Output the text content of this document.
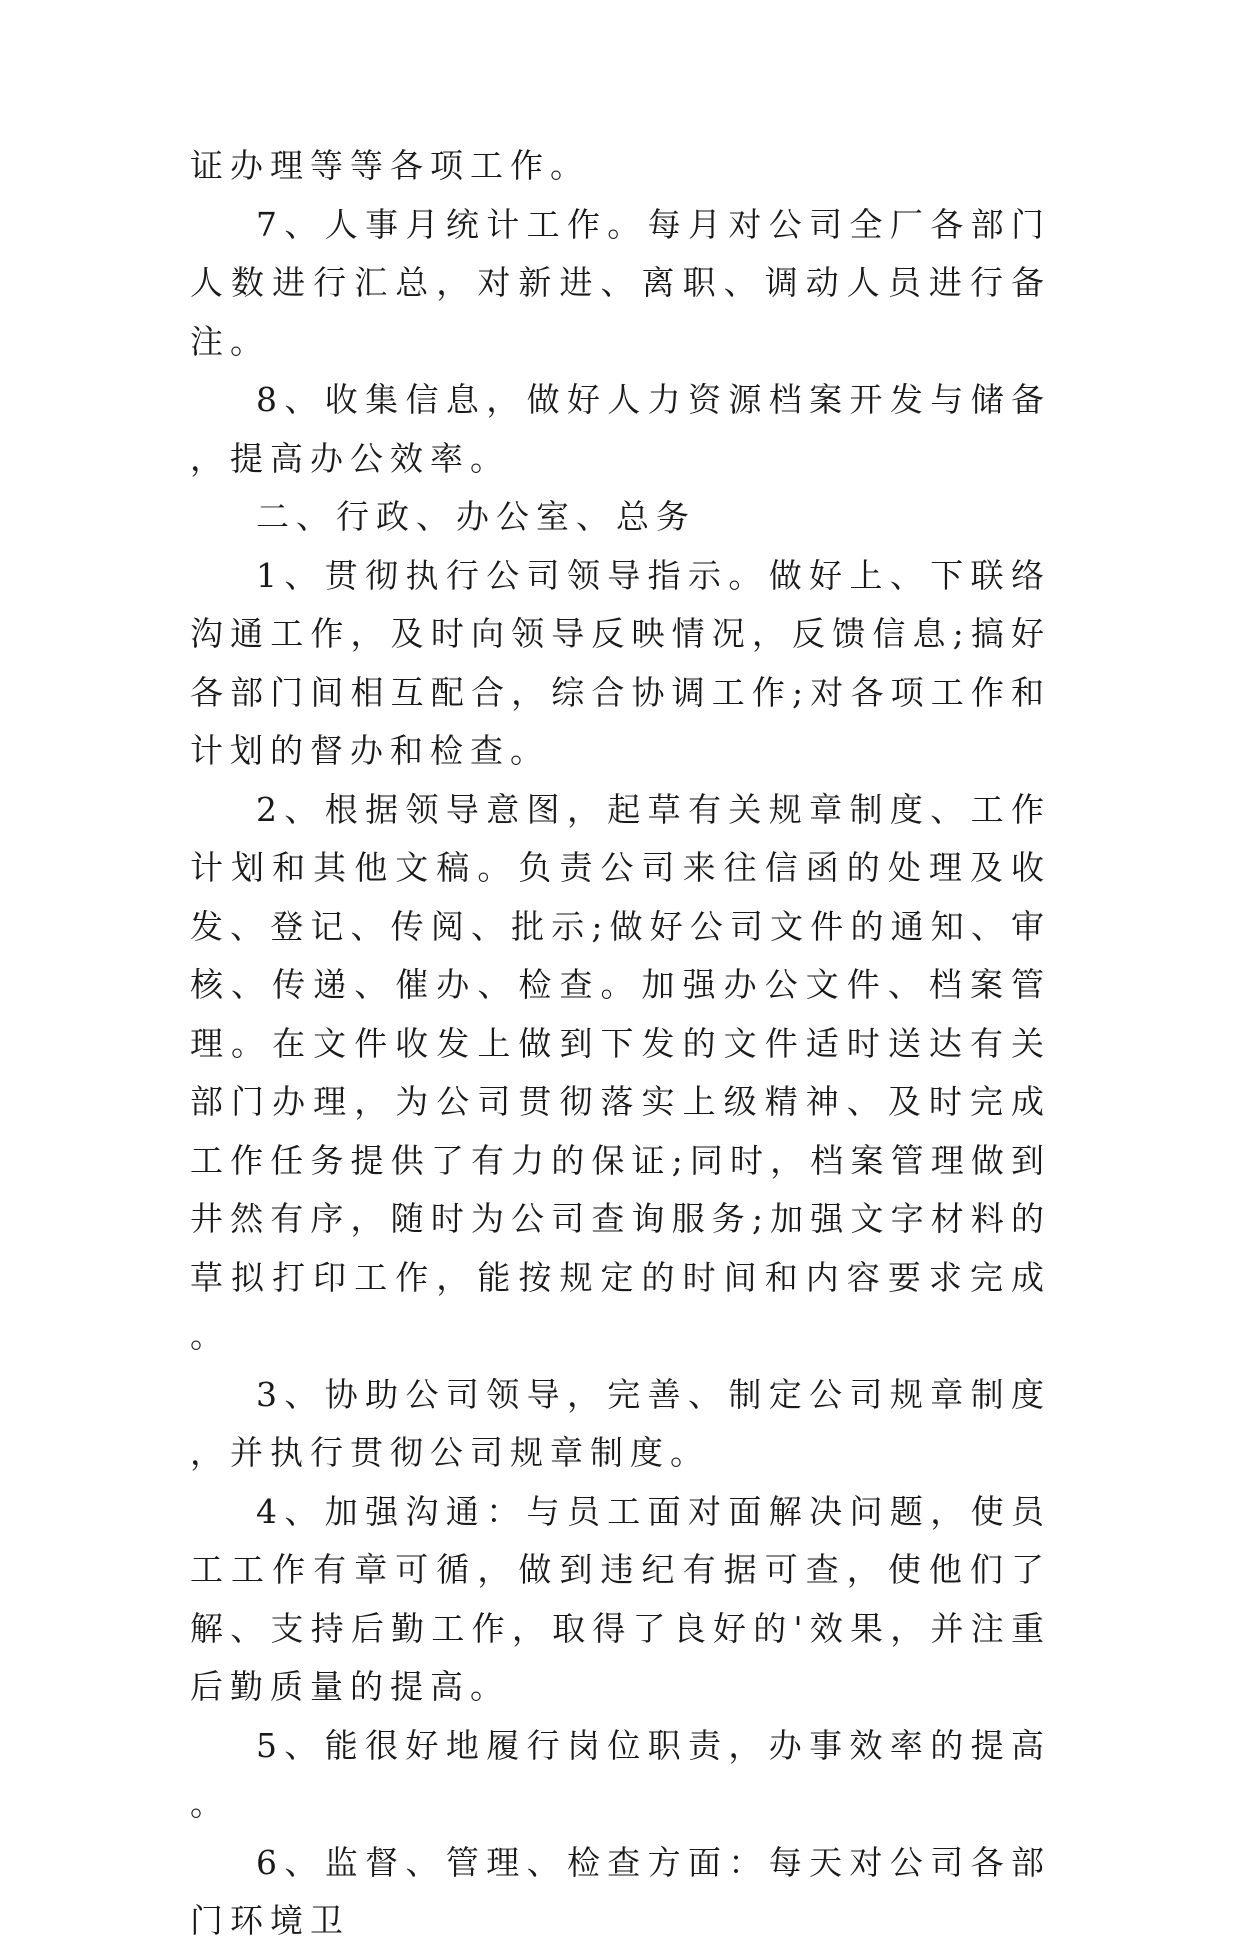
证办理等等各项工作。

7、人事月统计工作。每月对公司全厂各部门人数进行汇总，对新进、离职、调动人员进行备注。

8、收集信息，做好人力资源档案开发与储备，提高办公效率。

二、行政、办公室、总务

1、贯彻执行公司领导指示。做好上、下联络沟通工作，及时向领导反映情况，反馈信息;搞好各部门间相互配合，综合协调工作;对各项工作和计划的督办和检查。

2、根据领导意图，起草有关规章制度、工作计划和其他文稿。负责公司来往信函的处理及收发、登记、传阅、批示;做好公司文件的通知、审核、传递、催办、检查。加强办公文件、档案管理。在文件收发上做到下发的文件适时送达有关部门办理，为公司贯彻落实上级精神、及时完成工作任务提供了有力的保证;同时，档案管理做到井然有序，随时为公司查询服务;加强文字材料的草拟打印工作，能按规定的时间和内容要求完成。

3、协助公司领导，完善、制定公司规章制度，并执行贯彻公司规章制度。

4、加强沟通：与员工面对面解决问题，使员工工作有章可循，做到违纪有据可查，使他们了解、支持后勤工作，取得了良好的'效果，并注重后勤质量的提高。

5、能很好地履行岗位职责，办事效率的提高。

6、监督、管理、检查方面：每天对公司各部门环境卫
